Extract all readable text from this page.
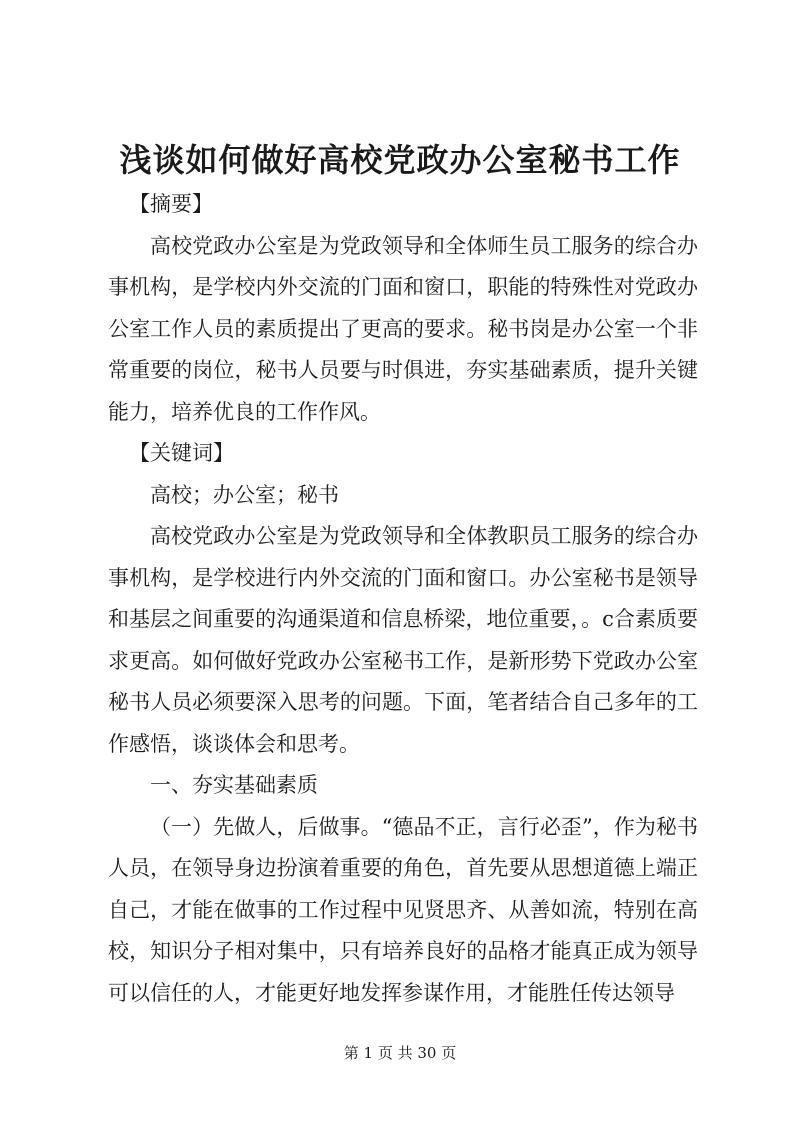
浅谈如何做好高校党政办公室秘书工作

【摘要】

高校党政办公室是为党政领导和全体师生员工服务的综合办事机构，是学校内外交流的门面和窗口，职能的特殊性对党政办公室工作人员的素质提出了更高的要求。秘书岗是办公室一个非常重要的岗位，秘书人员要与时俱进，夯实基础素质，提升关键能力，培养优良的工作作风。

【关键词】

高校；办公室；秘书

高校党政办公室是为党政领导和全体教职员工服务的综合办事机构，是学校进行内外交流的门面和窗口。办公室秘书是领导和基层之间重要的沟通渠道和信息桥梁，地位重要，。c合素质要求更高。如何做好党政办公室秘书工作，是新形势下党政办公室秘书人员必须要深入思考的问题。下面，笔者结合自己多年的工作感悟，谈谈体会和思考。

一、夯实基础素质

（一）先做人，后做事。“德品不正，言行必歪”，作为秘书人员，在领导身边扮演着重要的角色，首先要从思想道德上端正自己，才能在做事的工作过程中见贤思齐、从善如流，特别在高校，知识分子相对集中，只有培养良好的品格才能真正成为领导可以信任的人，才能更好地发挥参谋作用，才能胜任传达领导

第 1 页 共 30 页
